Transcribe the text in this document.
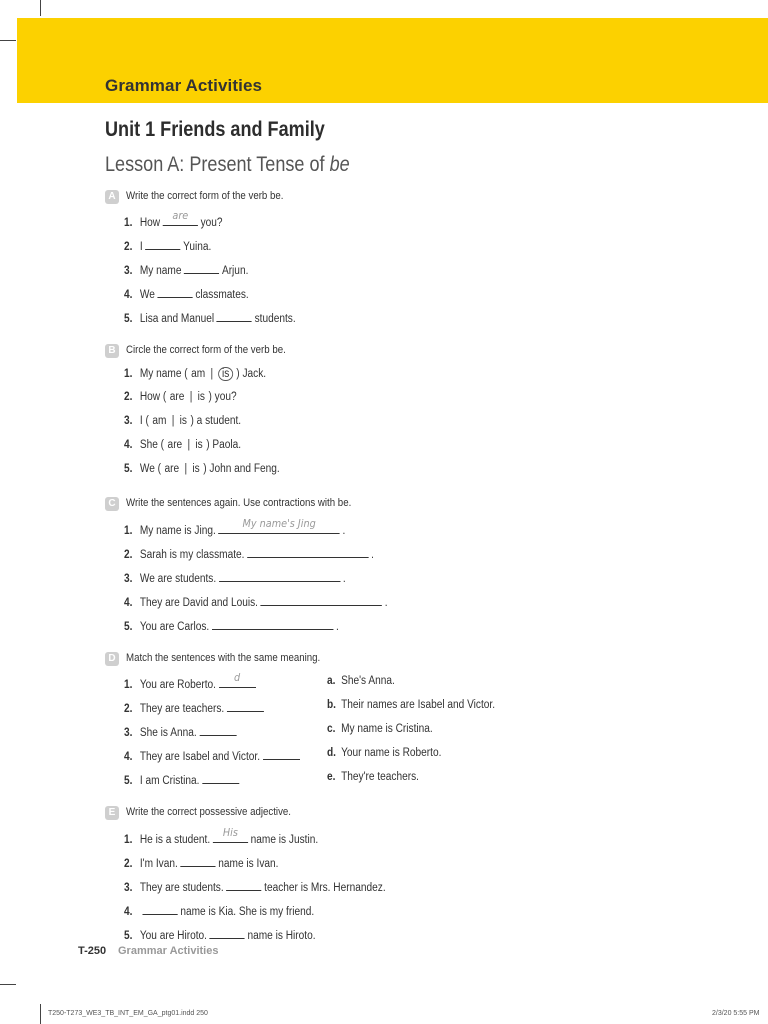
Grammar Activities
Unit 1 Friends and Family
Lesson A: Present Tense of be
A Write the correct form of the verb be.
1. How
are
you?
2. I	Yuina.
3. My name	Arjun.
4. We	classmates.
5. Lisa and Manuel	students.
B Circle the correct form of the verb be.
1. My name ( am | is ) Jack.
2. How ( are | is ) you?
3. I ( am | is ) a student.
4. She ( are | is ) Paola.
5. We ( are | is ) John and Feng.
C Write the sentences again. Use contractions with be.
1. My name is Jing.
My name's Jing
.
2. Sarah is my classmate.	.
3. We are students.	.
4. They are David and Louis.	.
5. You are Carlos.	.
D Match the sentences with the same meaning.
1. You are Roberto.
d
2. They are teachers.
3. She is Anna.
4. They are Isabel and Victor.
5. I am Cristina.
a. She's Anna.
b. Their names are Isabel and Victor.
c. My name is Cristina.
d. Your name is Roberto.
e. They're teachers.
E Write the correct possessive adjective.
1. He is a student.
His
name is Justin.
2. I'm Ivan.	name is Ivan.
3. They are students.	teacher is Mrs. Hernandez.
4.	name is Kia. She is my friend.
5. You are Hiroto.	name is Hiroto.
T-250 Grammar Activities
T250-T273_WE3_TB_INT_EM_GA_ptg01.indd 250	2/3/20 5:55 PM
